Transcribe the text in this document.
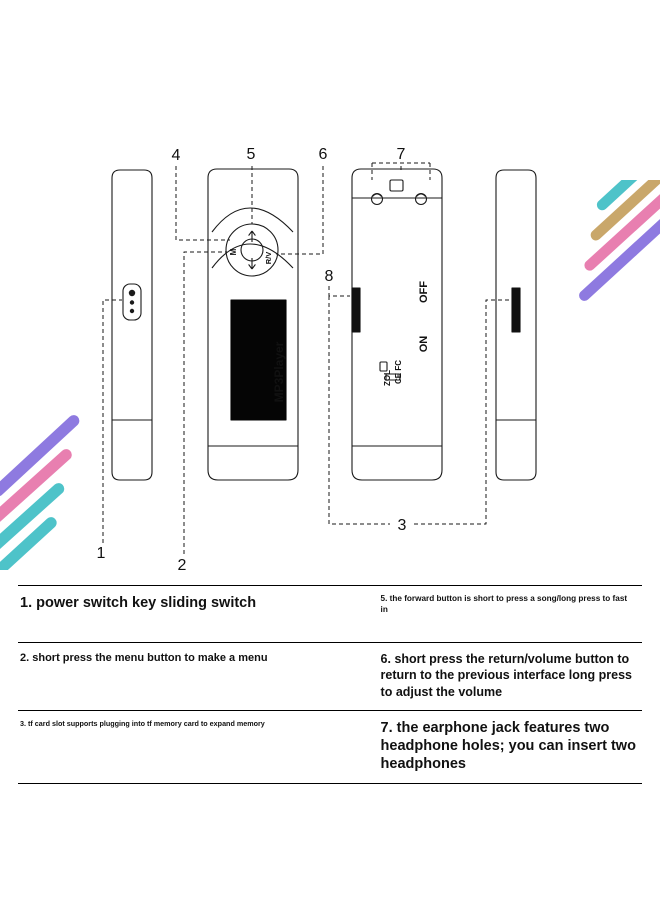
M	R/V
MP3Player
OFF
ON
CE FC
ZOL
1
2
3
4	5	6	7
8
1. power switch key sliding switch	5. the forward button is short to press a song/long press to fast in
2. short press the menu button to make a menu	6. short press the return/volume button to return to the previous interface long press to adjust the volume
3. tf card slot supports plugging into tf memory card to expand memory	7. the earphone jack features two headphone holes; you can insert two headphones
